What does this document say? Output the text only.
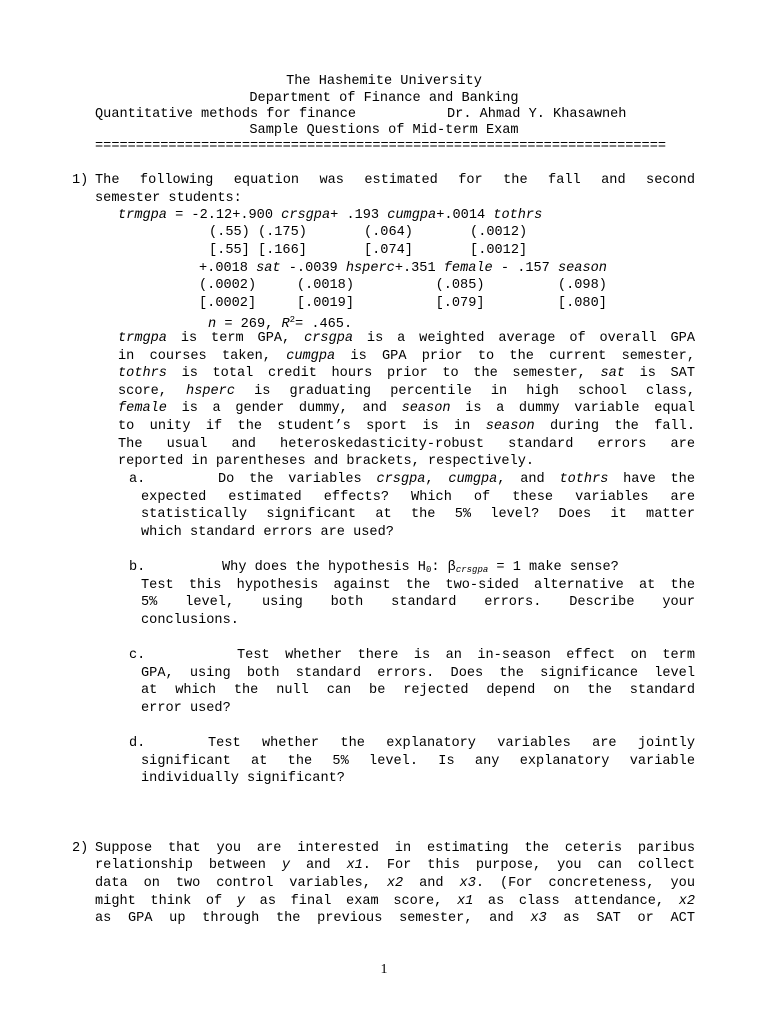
The Hashemite University
Department of Finance and Banking
Quantitative methods for finance	Dr. Ahmad Y. Khasawneh
Sample Questions of Mid-term Exam
======================================================================
1) The following equation was estimated for the fall and second
semester students:
trmgpa = -2.12+.900 crsgpa+ .193 cumgpa+.0014 tothrs
(.55) (.175)       (.064)       (.0012)
[.55] [.166]       [.074]       [.0012]
+.0018 sat -.0039 hsperc+.351 female - .157 season
(.0002)     (.0018)          (.085)         (.098)
[.0002]     [.0019]          [.079]         [.080]
n = 269, $R^2= .465$.
trmgpa is term GPA, crsgpa is a weighted average of overall GPA
in courses taken, cumgpa is GPA prior to the current semester,
tothrs is total credit hours prior to the semester, sat is SAT
score, hsperc is graduating percentile in high school class,
female is a gender dummy, and season is a dummy variable equal
to unity if the student’s sport is in season during the fall.
The usual and heteroskedasticity-robust standard errors are
reported in parentheses and brackets, respectively.
a.	Do the variables crsgpa, cumgpa, and tothrs have the
expected estimated effects? Which of these variables are
statistically significant at the 5% level? Does it matter
which standard errors are used?
b.	Why does the hypothesis $H_0$: $\beta_{crsgpa} = 1$ make sense?
Test this hypothesis against the two-sided alternative at the
5% level, using both standard errors. Describe your
conclusions.
c.	Test whether there is an in-season effect on term
GPA, using both standard errors. Does the significance level
at which the null can be rejected depend on the standard
error used?
d.	Test whether the explanatory variables are jointly
significant at the 5% level. Is any explanatory variable
individually significant?
2) Suppose that you are interested in estimating the ceteris paribus
relationship between y and x1. For this purpose, you can collect
data on two control variables, x2 and x3. (For concreteness, you
might think of y as final exam score, x1 as class attendance, x2
as GPA up through the previous semester, and x3 as SAT or ACT
1
